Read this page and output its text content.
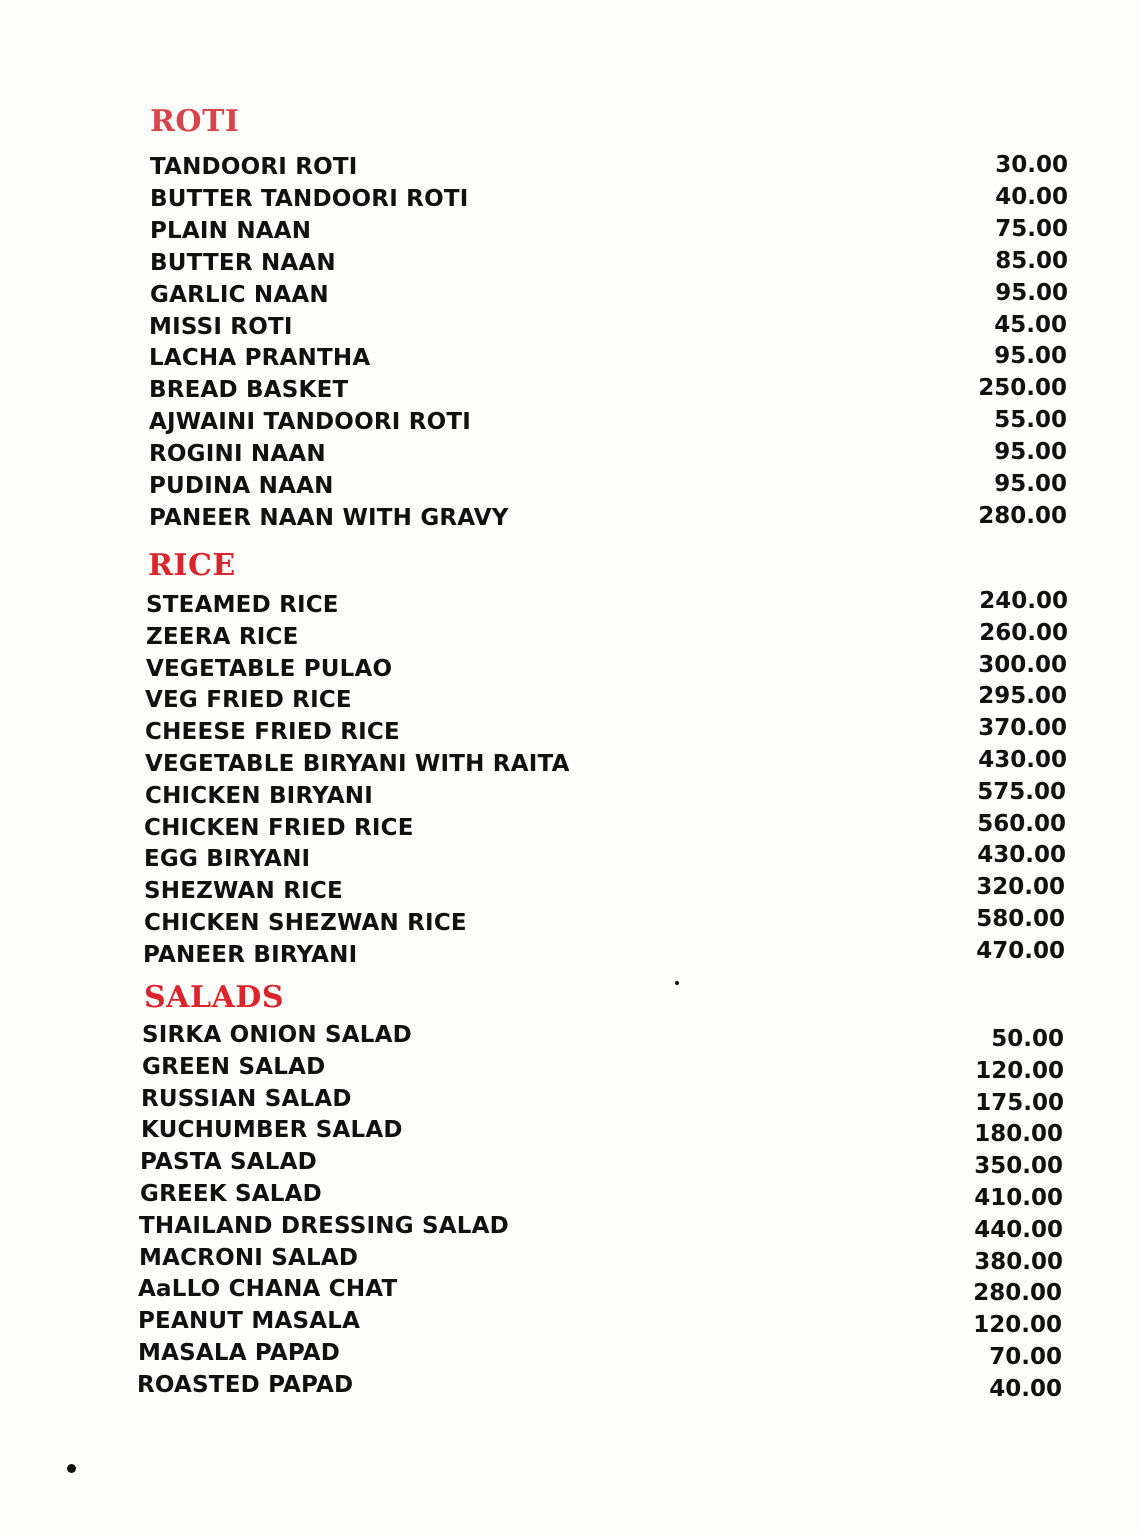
ROTI
TANDOORI ROTI	30.00
BUTTER TANDOORI ROTI	40.00
PLAIN NAAN	75.00
BUTTER NAAN	85.00
GARLIC NAAN	95.00
MISSI ROTI	45.00
LACHA PRANTHA	95.00
BREAD BASKET	250.00
AJWAINI TANDOORI ROTI	55.00
ROGINI NAAN	95.00
PUDINA NAAN	95.00
PANEER NAAN WITH GRAVY	280.00
RICE
STEAMED RICE	240.00
ZEERA RICE	260.00
VEGETABLE PULAO	300.00
VEG FRIED RICE	295.00
CHEESE FRIED RICE	370.00
VEGETABLE BIRYANI WITH RAITA	430.00
CHICKEN BIRYANI	575.00
CHICKEN FRIED RICE	560.00
EGG BIRYANI	430.00
SHEZWAN RICE	320.00
CHICKEN SHEZWAN RICE	580.00
PANEER BIRYANI	470.00
SALADS
SIRKA ONION SALAD	50.00
GREEN SALAD	120.00
RUSSIAN SALAD	175.00
KUCHUMBER SALAD	180.00
PASTA SALAD	350.00
GREEK SALAD	410.00
THAILAND DRESSING SALAD	440.00
MACRONI SALAD	380.00
AaLLO CHANA CHAT	280.00
PEANUT MASALA	120.00
MASALA PAPAD	70.00
ROASTED PAPAD	40.00
